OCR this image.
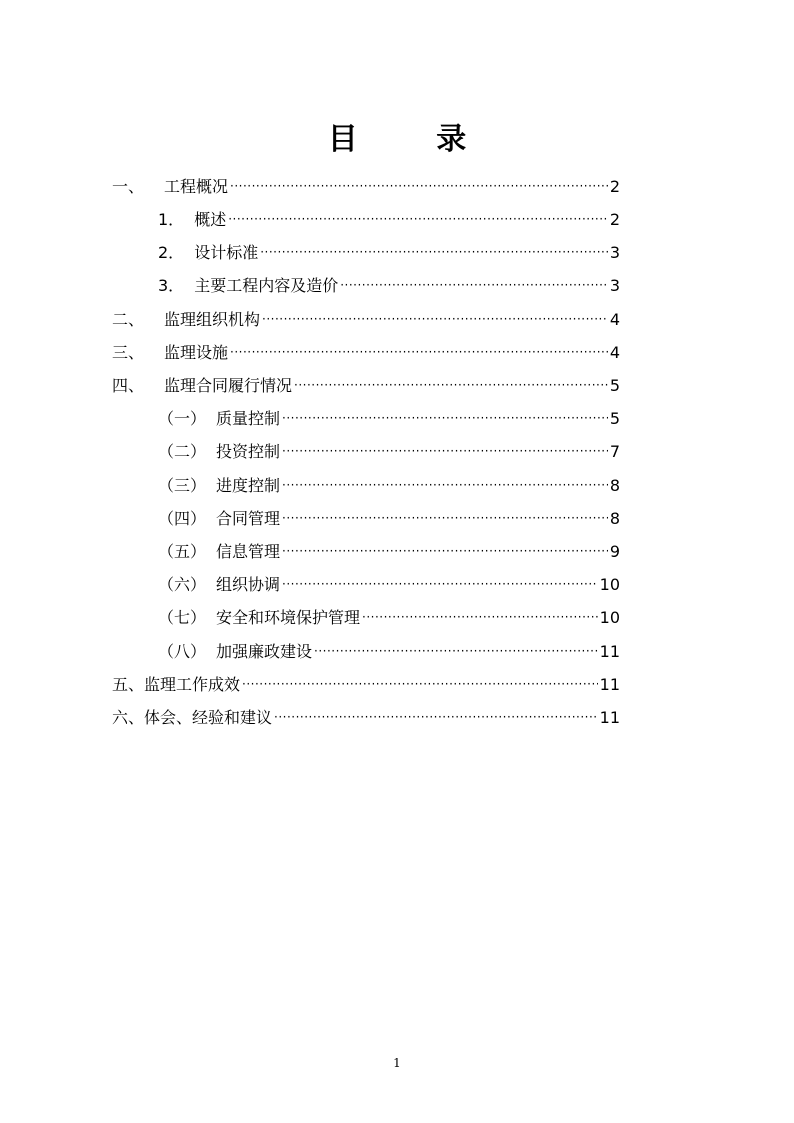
目 录
一、	工程概况 ·····	2
1． 概述 ·····	2
2． 设计标准 ·····	3
3． 主要工程内容及造价 ·····	3
二、	监理组织机构 ·····	4
三、	监理设施 ·····	4
四、	监理合同履行情况 ·····	5
（一） 质量控制 ·····	5
（二） 投资控制 ·····	7
（三） 进度控制 ·····	8
（四） 合同管理 ·····	8
（五） 信息管理 ·····	9
（六） 组织协调 ·····	10
（七） 安全和环境保护管理 ·····	10
（八） 加强廉政建设 ·····	11
五、监理工作成效 ·····	11
六、体会、经验和建议 ·····	11
1
